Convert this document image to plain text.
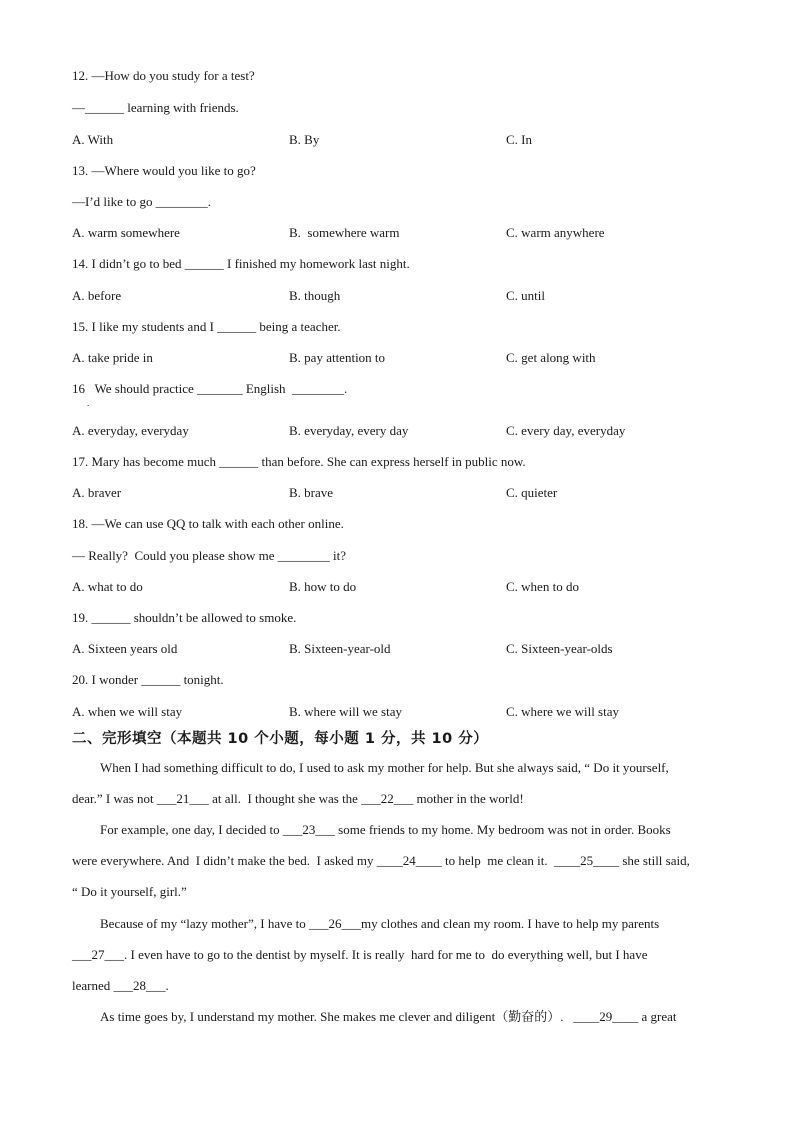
12. —How do you study for a test?
—______ learning with friends.
A. With	B. By	C. In
13. —Where would you like to go?
—I’d like to go ________.
A. warm somewhere	B.  somewhere warm	C. warm anywhere
14. I didn’t go to bed ______ I finished my homework last night.
A. before	B. though	C. until
15. I like my students and I ______ being a teacher.
A. take pride in	B. pay attention to	C. get along with
16   We should practice _______ English  ________.
.
A. everyday, everyday	B. everyday, every day	C. every day, everyday
17. Mary has become much ______ than before. She can express herself in public now.
A. braver	B. brave	C. quieter
18. —We can use QQ to talk with each other online.
— Really?  Could you please show me ________ it?
A. what to do	B. how to do	C. when to do
19. ______ shouldn’t be allowed to smoke.
A. Sixteen years old	B. Sixteen-year-old	C. Sixteen-year-olds
20. I wonder ______ tonight.
A. when we will stay	B. where will we stay	C. where we will stay
二、完形填空（本题共 10 个小题，每小题 1 分，共 10 分）
When I had something difficult to do, I used to ask my mother for help. But she always said, “ Do it yourself,
dear.” I was not ___21___ at all.  I thought she was the ___22___ mother in the world!
For example, one day, I decided to ___23___ some friends to my home. My bedroom was not in order. Books
were everywhere. And  I didn’t make the bed.  I asked my ____24____ to help  me clean it.  ____25____ she still said,
“ Do it yourself, girl.”
Because of my “lazy mother”, I have to ___26___my clothes and clean my room. I have to help my parents
___27___. I even have to go to the dentist by myself. It is really  hard for me to  do everything well, but I have
learned ___28___.
As time goes by, I understand my mother. She makes me clever and diligent（勤奋的）.   ____29____ a great
